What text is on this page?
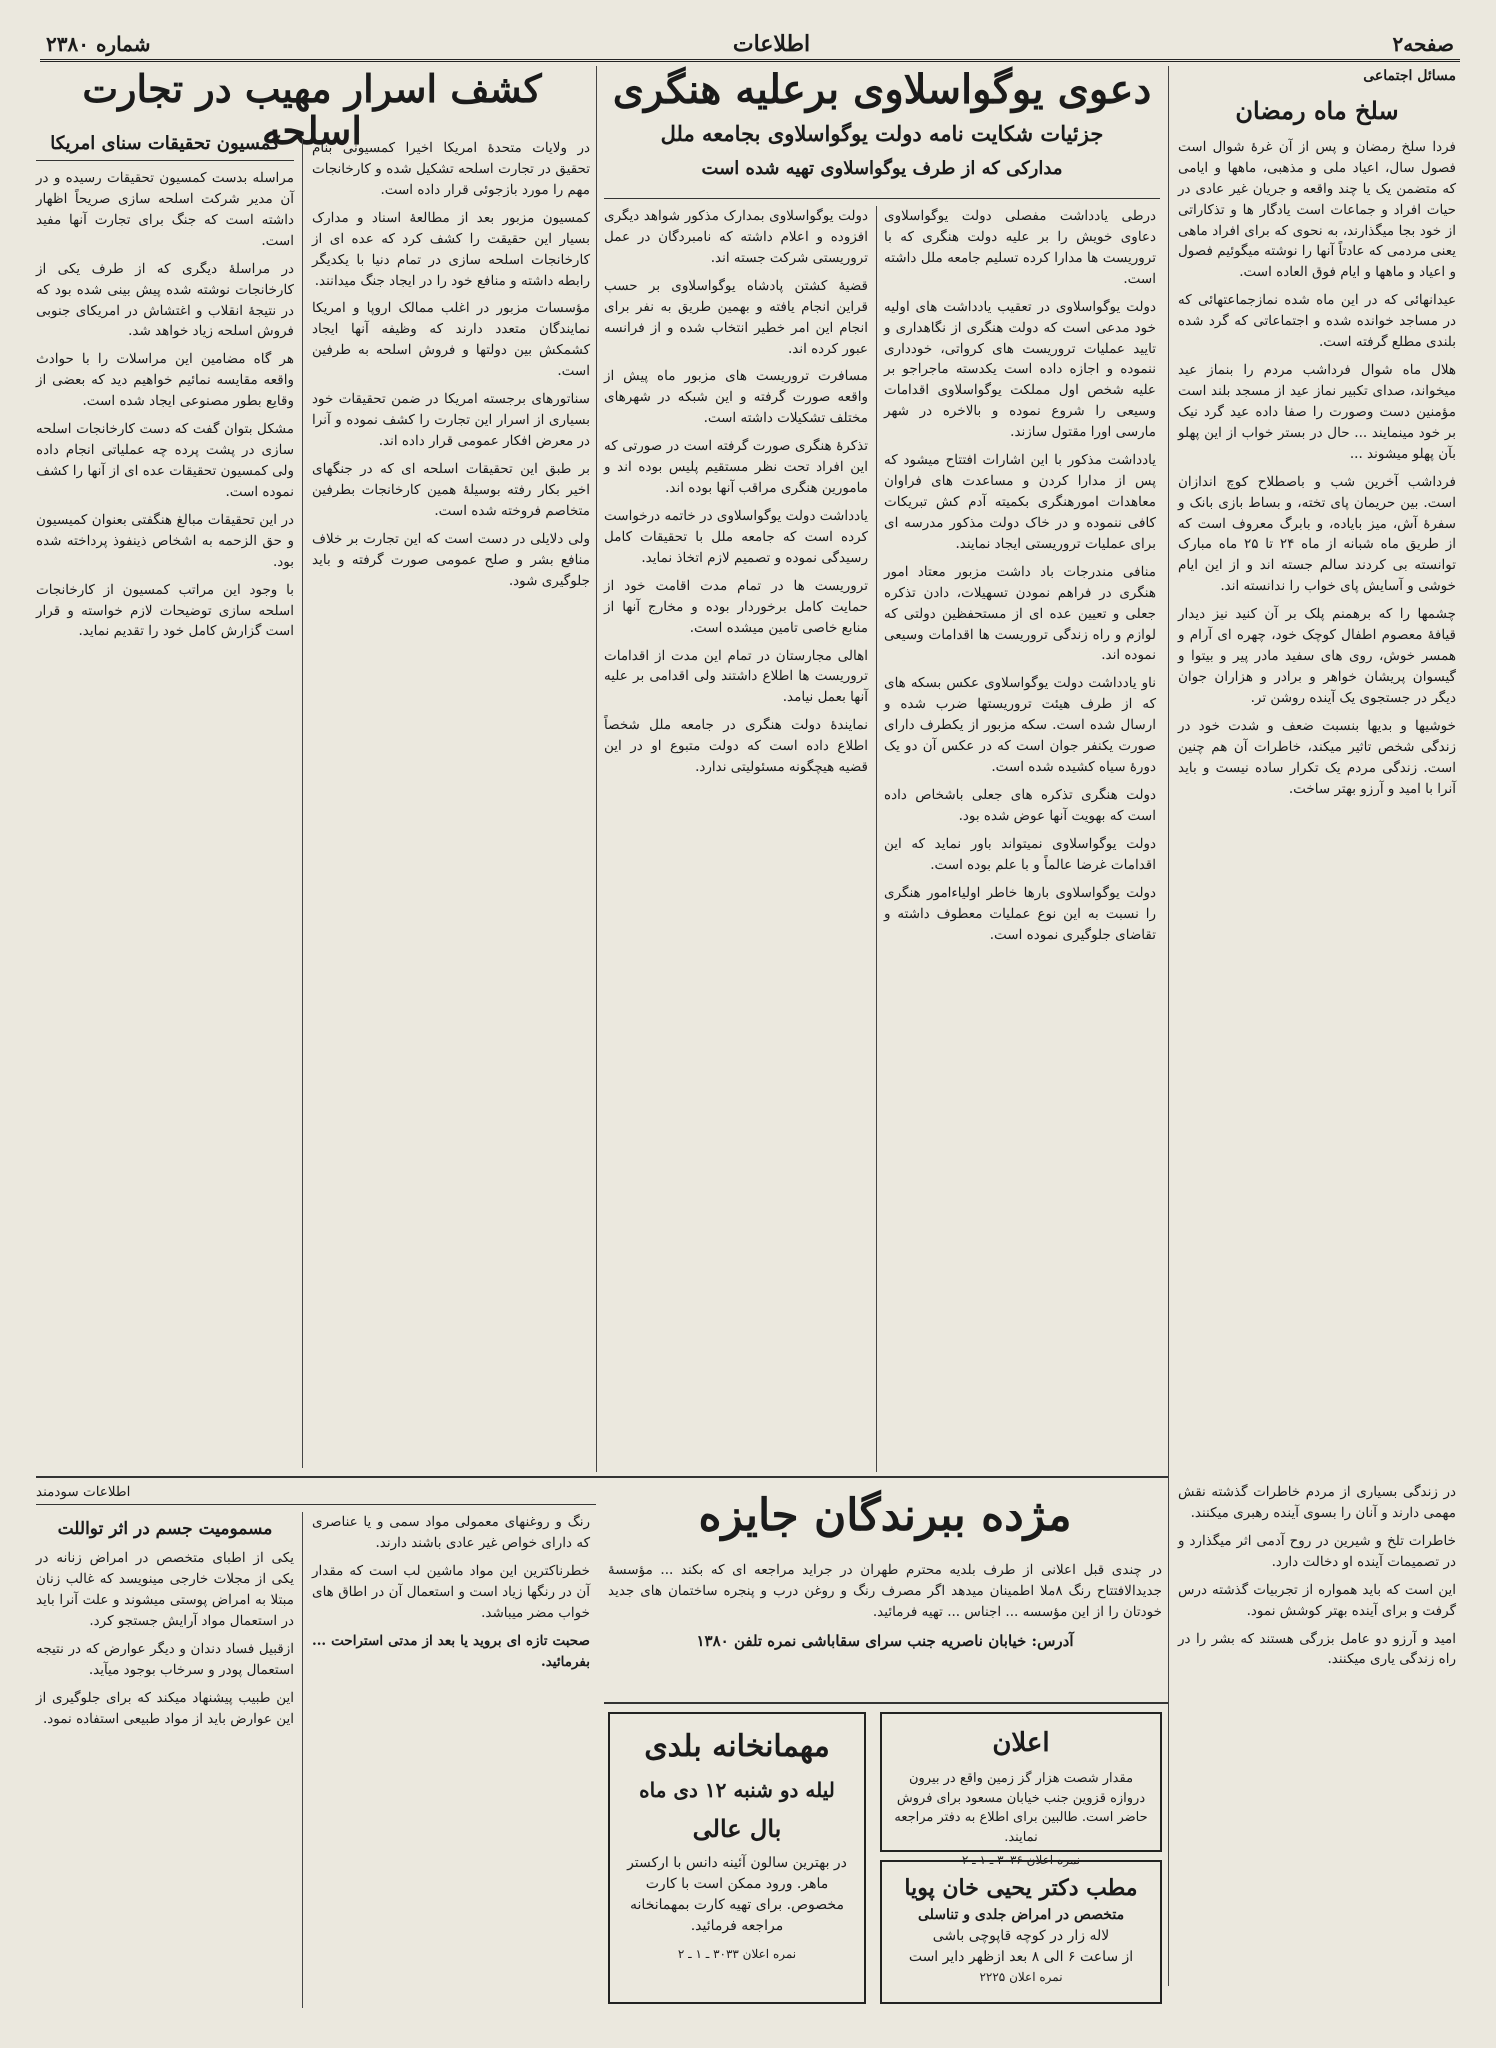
صفحه۲
اطلاعات
شماره ۲۳۸۰
مسائل اجتماعی
سلخ ماه رمضان

فردا سلخ رمضان و پس از آن غرهٔ شوال است فصول سال، اعیاد ملی و مذهبی، ماهها و ایامی که متضمن یک یا چند واقعه و جریان غیر عادی در حیات افراد و جماعات است یادگار ها و تذکاراتی از خود بجا میگذارند، به نحوی که برای افراد ماهی یعنی مردمی که عادتاً آنها را نوشته میگوئیم فصول و اعیاد و ماهها و ایام فوق العاده است.

عیدانهائی که در این ماه شده نمازجماعتهائی که در مساجد خوانده شده و اجتماعاتی که گرد شده بلندی مطلع گرفته است.

هلال ماه شوال فرداشب مردم را بنماز عید میخواند، صدای تکبیر نماز عید از مسجد بلند است مؤمنین دست وصورت را صفا داده عید گرد نیک بر خود مینمایند ... حال در بستر خواب از این پهلو بآن پهلو میشوند ...

فرداشب آخرین شب و باصطلاح کوچ اندازان است. بین حریمان پای تخته، و بساط بازی بانک و سفرهٔ آش، میز بایاده، و بابرگ معروف است که از طریق ماه شبانه از ماه ۲۴ تا ۲۵ ماه مبارک توانسته بی کردند سالم جسته اند و از این ایام خوشی و آسایش پای خواب را ندانسته اند.

چشمها را که برهمنم پلک بر آن کنید نیز دیدار قیافهٔ معصوم اطفال کوچک خود، چهره ای آرام و همسر خوش، روی های سفید مادر پیر و بیتوا و گیسوان پریشان خواهر و برادر و هزاران جوان دیگر در جستجوی یک آینده روشن تر.

خوشیها و بدیها بنسبت ضعف و شدت خود در زندگی شخص تاثیر میکند، خاطرات آن هم چنین است. زندگی مردم یک تکرار ساده نیست و باید آنرا با امید و آرزو بهتر ساخت.

دعوی یوگواسلاوی برعلیه هنگری
جزئیات شکایت نامه دولت یوگواسلاوی بجامعه ملل
مدارکی که از طرف یوگواسلاوی تهیه شده است

درطی یادداشت مفصلی دولت یوگواسلاوی دعاوی خویش را بر علیه دولت هنگری که با تروریست ها مدارا کرده تسلیم جامعه ملل داشته است.

دولت یوگواسلاوی در تعقیب یادداشت های اولیه خود مدعی است که دولت هنگری از نگاهداری و تایید عملیات تروریست های کرواتی، خودداری ننموده و اجازه داده است یکدسته ماجراجو بر علیه شخص اول مملکت یوگواسلاوی اقدامات وسیعی را شروع نموده و بالاخره در شهر مارسی اورا مقتول سازند.

یادداشت مذکور با این اشارات افتتاح میشود که پس از مدارا کردن و مساعدت های فراوان معاهدات امورهنگری بکمیته آدم کش تبریکات کافی ننموده و در خاک دولت مذکور مدرسه ای برای عملیات تروریستی ایجاد نمایند.

منافی مندرجات باد داشت مزبور معتاد امور هنگری در فراهم نمودن تسهیلات، دادن تذکره جعلی و تعیین عده ای از مستحفظین دولتی که لوازم و راه زندگی تروریست ها اقدامات وسیعی نموده اند.

ناو یادداشت دولت یوگواسلاوی عکس بسکه های که از طرف هیئت تروریستها ضرب شده و ارسال شده است. سکه مزبور از یکطرف دارای صورت یکنفر جوان است که در عکس آن دو یک دورهٔ سیاه کشیده شده است.

دولت هنگری تذکره های جعلی باشخاص داده است که بهویت آنها عوض شده بود.

دولت یوگواسلاوی نمیتواند باور نماید که این اقدامات غرضا عالماً و با علم بوده است.

دولت یوگواسلاوی بارها خاطر اولیاءامور هنگری را نسبت به این نوع عملیات معطوف داشته و تقاضای جلوگیری نموده است.

دولت یوگواسلاوی بمدارک مذکور شواهد دیگری افزوده و اعلام داشته که نامبردگان در عمل تروریستی شرکت جسته اند.

قضیهٔ کشتن پادشاه یوگواسلاوی بر حسب قراین انجام یافته و بهمین طریق به نفر برای انجام این امر خطیر انتخاب شده و از فرانسه عبور کرده اند.

مسافرت تروریست های مزبور ماه پیش از واقعه صورت گرفته و این شبکه در شهرهای مختلف تشکیلات داشته است.

تذکرهٔ هنگری صورت گرفته است در صورتی که این افراد تحت نظر مستقیم پلیس بوده اند و مامورین هنگری مراقب آنها بوده اند.

یادداشت دولت یوگواسلاوی در خاتمه درخواست کرده است که جامعه ملل با تحقیقات کامل رسیدگی نموده و تصمیم لازم اتخاذ نماید.

تروریست ها در تمام مدت اقامت خود از حمایت کامل برخوردار بوده و مخارج آنها از منابع خاصی تامین میشده است.

اهالی مجارستان در تمام این مدت از اقدامات تروریست ها اطلاع داشتند ولی اقدامی بر علیه آنها بعمل نیامد.

نمایندهٔ دولت هنگری در جامعه ملل شخصاً اطلاع داده است که دولت متبوع او در این قضیه هیچگونه مسئولیتی ندارد.

کشف اسرار مهیب در تجارت اسلحه
کمسیون تحقیقات سنای امریکا	در ولایات متحدهٔ امریکا اخیرا کمسیونی بنام تحقیق در تجارت اسلحه تشکیل شده و کارخانجات مهم را مورد بازجوئی قرار داده است.

کمسیون مزبور بعد از مطالعهٔ اسناد و مدارک بسیار این حقیقت را کشف کرد که عده ای از کارخانجات اسلحه سازی در تمام دنیا با یکدیگر رابطه داشته و منافع خود را در ایجاد جنگ میدانند.

مؤسسات مزبور در اغلب ممالک اروپا و امریکا نمایندگان متعدد دارند که وظیفه آنها ایجاد کشمکش بین دولتها و فروش اسلحه به طرفین است.

سناتورهای برجسته امریکا در ضمن تحقیقات خود بسیاری از اسرار این تجارت را کشف نموده و آنرا در معرض افکار عمومی قرار داده اند.

بر طبق این تحقیقات اسلحه ای که در جنگهای اخیر بکار رفته بوسیلهٔ همین کارخانجات بطرفین متخاصم فروخته شده است.

ولی دلایلی در دست است که این تجارت بر خلاف منافع بشر و صلح عمومی صورت گرفته و باید جلوگیری شود.

مراسله بدست کمسیون تحقیقات رسیده و در آن مدیر شرکت اسلحه سازی صریحاً اظهار داشته است که جنگ برای تجارت آنها مفید است.

در مراسلهٔ دیگری که از طرف یکی از کارخانجات نوشته شده پیش بینی شده بود که در نتیجهٔ انقلاب و اغتشاش در امریکای جنوبی فروش اسلحه زیاد خواهد شد.

هر گاه مضامین این مراسلات را با حوادث واقعه مقایسه نمائیم خواهیم دید که بعضی از وقایع بطور مصنوعی ایجاد شده است.

مشکل بتوان گفت که دست کارخانجات اسلحه سازی در پشت پرده چه عملیاتی انجام داده ولی کمسیون تحقیقات عده ای از آنها را کشف نموده است.

در این تحقیقات مبالغ هنگفتی بعنوان کمیسیون و حق الزحمه به اشخاص ذینفوذ پرداخته شده بود.

با وجود این مراتب کمسیون از کارخانجات اسلحه سازی توضیحات لازم خواسته و قرار است گزارش کامل خود را تقدیم نماید.

مژده ببرندگان جایزه

در چندی قبل اعلانی از طرف بلدیه محترم طهران در جراید مراجعه ای که بکند ... مؤسسهٔ جدیدالافتتاح رنگ ۸ملا اطمینان میدهد اگر مصرف رنگ و روغن درب و پنجره ساختمان های جدید خودتان را از این مؤسسه ... اجناس ... تهیه فرمائید.

آدرس: خیابان ناصریه جنب سرای سقاباشی نمره تلفن ۱۳۸۰

در زندگی بسیاری از مردم خاطرات گذشته نقش مهمی دارند و آنان را بسوی آینده رهبری میکنند.

خاطرات تلخ و شیرین در روح آدمی اثر میگذارد و در تصمیمات آینده او دخالت دارد.

این است که باید همواره از تجربیات گذشته درس گرفت و برای آینده بهتر کوشش نمود.

امید و آرزو دو عامل بزرگی هستند که بشر را در راه زندگی یاری میکنند.

اطلاعات سودمند

رنگ و روغنهای معمولی مواد سمی و یا عناصری که دارای خواص غیر عادی باشند دارند.

خطرناکترین این مواد ماشین لب است که مقدار آن در رنگها زیاد است و استعمال آن در اطاق های خواب مضر میباشد.

صحبت تازه ای بروید یا بعد از مدتی استراحت ... بفرمائید.

مسمومیت جسم در اثر تواللت

یکی از اطبای متخصص در امراض زنانه در یکی از مجلات خارجی مینویسد که غالب زنان مبتلا به امراض پوستی میشوند و علت آنرا باید در استعمال مواد آرایش جستجو کرد.

ازقبیل فساد دندان و دیگر عوارض که در نتیجه استعمال پودر و سرخاب بوجود میآید.

این طبیب پیشنهاد میکند که برای جلوگیری از این عوارض باید از مواد طبیعی استفاده نمود.

مهمانخانه بلدی
لیله دو شنبه ۱۲ دی ماه
بال عالی
در بهترین سالون آئینه دانس با ارکستر ماهر. ورود ممکن است با کارت مخصوص. برای تهیه کارت بمهمانخانه مراجعه فرمائید.
نمره اعلان ۳۰۳۳ ـ ۱ ـ ۲
اعلان
مقدار شصت هزار گز زمین واقع در بیرون دروازه قزوین جنب خیابان مسعود برای فروش حاضر است. طالبین برای اطلاع به دفتر مراجعه نمایند.
نمره اعلان ۳۰۳۶ ـ ۱ ـ ۲
مطب دکتر یحیی خان پویا
متخصص در امراض جلدی و تناسلی
لاله زار در کوچه قاپوچی باشی
از ساعت ۶ الی ۸ بعد ازظهر دایر است
نمره اعلان ۲۲۲۵
